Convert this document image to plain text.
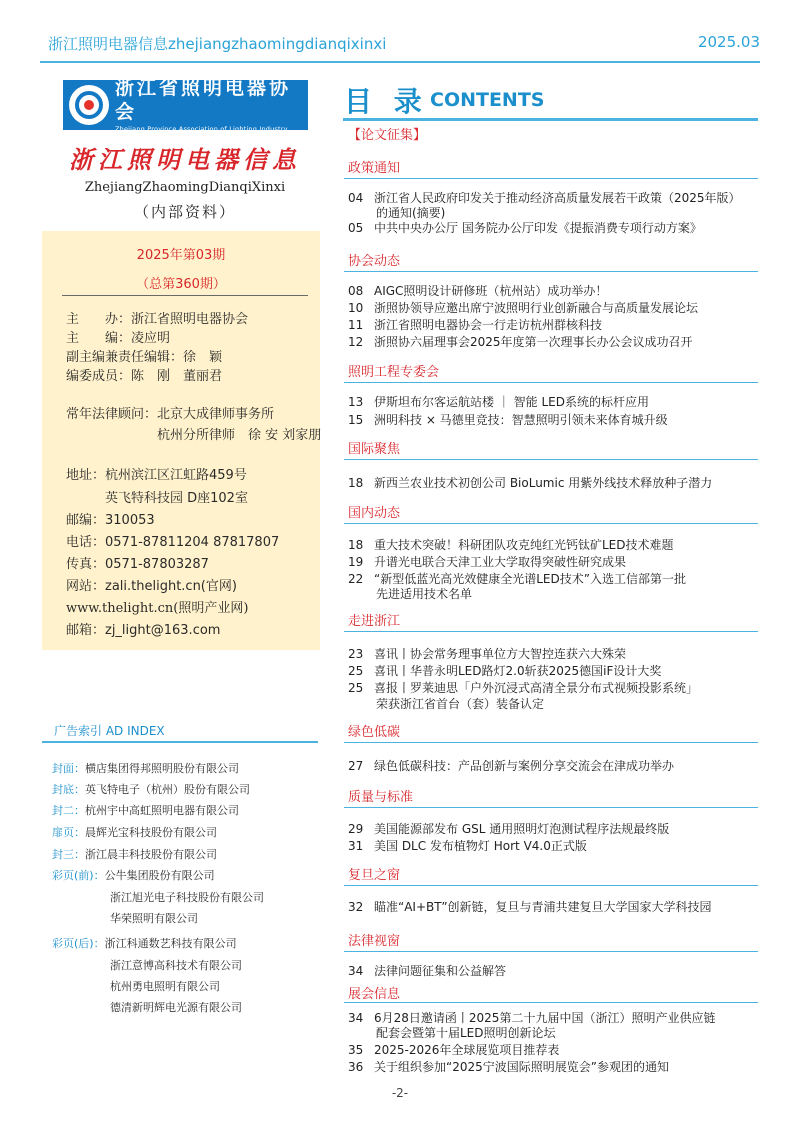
浙江照明电器信息zhejiangzhaomingdianqixinxi	2025.03
浙江省照明电器协会
Zhejiang Province Association of Lighting Industry
浙江照明电器信息
ZhejiangZhaomingDianqiXinxi
（内部资料）
2025年第03期
（总第360期）
主　　办：浙江省照明电器协会
主　　编：凌应明
副主编兼责任编辑：徐　颖
编委成员：陈　刚　董丽君
常年法律顾问：北京大成律师事务所
　　　　　　　杭州分所律师　徐 安 刘家朋
地址：杭州滨江区江虹路459号
　　　英飞特科技园 D座102室
邮编：310053
电话：0571-87811204 87817807
传真：0571-87803287
网站：zali.thelight.cn(官网)
www.thelight.cn(照明产业网)
邮箱：zj_light@163.com
广告索引 AD INDEX
封面：横店集团得邦照明股份有限公司
封底：英飞特电子（杭州）股份有限公司
封二：杭州宇中高虹照明电器有限公司
扉页：晨辉光宝科技股份有限公司
封三：浙江晨丰科技股份有限公司
彩页(前)：公牛集团股份有限公司
浙江旭光电子科技股份有限公司
华荣照明有限公司
彩页(后)：浙江科通数艺科技有限公司
浙江意博高科技术有限公司
杭州勇电照明有限公司
德清新明辉电光源有限公司
-2-
目 录 CONTENTS
【论文征集】
政策通知
04 浙江省人民政府印发关于推动经济高质量发展若干政策（2025年版）
的通知(摘要)
05 中共中央办公厅 国务院办公厅印发《提振消费专项行动方案》
协会动态
08 AIGC照明设计研修班（杭州站）成功举办！
10 浙照协领导应邀出席宁波照明行业创新融合与高质量发展论坛
11 浙江省照明电器协会一行走访杭州群核科技
12 浙照协六届理事会2025年度第一次理事长办公会议成功召开
照明工程专委会
13 伊斯坦布尔客运航站楼 ｜ 智能 LED系统的标杆应用
15 洲明科技 × 马德里竞技：智慧照明引领未来体育城升级
国际聚焦
18 新西兰农业技术初创公司 BioLumic 用紫外线技术释放种子潜力
国内动态
18 重大技术突破！科研团队攻克纯红光钙钛矿LED技术难题
19 升谱光电联合天津工业大学取得突破性研究成果
22 “新型低蓝光高光效健康全光谱LED技术”入选工信部第一批
先进适用技术名单
走进浙江
23 喜讯丨协会常务理事单位方大智控连获六大殊荣
25 喜讯丨华普永明LED路灯2.0斩获2025德国iF设计大奖
25 喜报丨罗莱迪思「户外沉浸式高清全景分布式视频投影系统」
荣获浙江省首台（套）装备认定
绿色低碳
27 绿色低碳科技：产品创新与案例分享交流会在津成功举办
质量与标准
29 美国能源部发布 GSL 通用照明灯泡测试程序法规最终版
31 美国 DLC 发布植物灯 Hort V4.0正式版
复旦之窗
32 瞄准“AI+BT”创新链，复旦与青浦共建复旦大学国家大学科技园
法律视窗
34 法律问题征集和公益解答
展会信息
34 6月28日邀请函丨2025第二十九届中国（浙江）照明产业供应链
配套会暨第十届LED照明创新论坛
35 2025-2026年全球展览项目推荐表
36 关于组织参加“2025宁波国际照明展览会”参观团的通知
